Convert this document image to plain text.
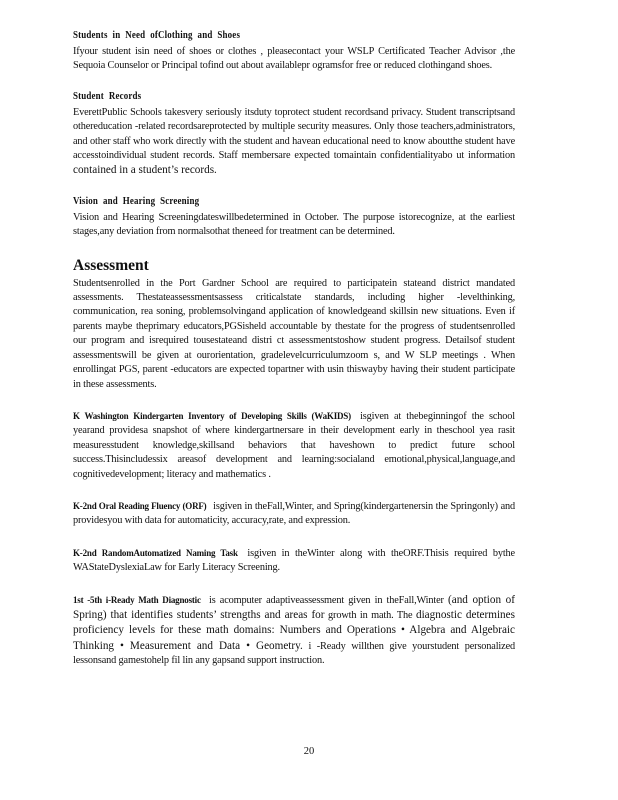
Students in Need ofClothing and Shoes

Ifyour student isin need of shoes or clothes , pleasecontact your WSLP Certificated Teacher Advisor ,the Sequoia Counselor or Principal tofind out about availablepr ogramsfor free or reduced clothingand shoes.

Student Records

EverettPublic Schools takesvery seriously itsduty toprotect student recordsand privacy. Student transcriptsand othereducation -related recordsareprotected by multiple security measures. Only those teachers,administrators, and other staff who work directly with the student and havean educational need to know aboutthe student have accesstoindividual student records. Staff membersare expected tomaintain confidentialityabo ut information contained in a student’s records.

Vision and Hearing Screening

Vision and Hearing Screeningdateswillbedetermined in October. The purpose istorecognize, at the earliest stages,any deviation from normalsothat theneed for treatment can be determined.

Assessment

Studentsenrolled in the Port Gardner School are required to participatein stateand district mandated assessments. Thestateassessmentsassess criticalstate standards, including higher -levelthinking, communication, rea soning, problemsolvingand application of knowledgeand skillsin new situations. Even if parents maybe theprimary educators,PGSisheld accountable by thestate for the progress of studentsenrolled our program and isrequired tousestateand distri ct assessmentstoshow student progress. Detailsof student assessmentswill be given at ourorientation, gradelevelcurriculumzoom s, and W SLP meetings . When enrollingat PGS, parent -educators are expected topartner with usin thiswayby having their student participate in these assessments.

K Washington Kindergarten Inventory of Developing Skills (WaKIDS) isgiven at thebeginningof the school yearand providesa snapshot of where kindergartnersare in their development early in theschool yea rasit measuresstudent knowledge,skillsand behaviors that haveshown to predict future school success.Thisincludessix areasof development and learning:socialand emotional,physical,language,and cognitivedevelopment; literacy and mathematics .

K-2nd Oral Reading Fluency (ORF) isgiven in theFall,Winter, and Spring(kindergartenersin the Springonly) and providesyou with data for automaticity, accuracy,rate, and expression.

K-2nd RandomAutomatized Naming Task isgiven in theWinter along with theORF.Thisis required bythe WAStateDyslexiaLaw for Early Literacy Screening.

1st -5th i-Ready Math Diagnostic is acomputer adaptiveassessment given in theFall,Winter (and option of Spring) that identifies students’ strengths and areas for growth in math. The diagnostic determines proficiency levels for these math domains: Numbers and Operations • Algebra and Algebraic Thinking • Measurement and Data • Geometry. i -Ready willthen give yourstudent personalized lessonsand gamestohelp fil lin any gapsand support instruction.

20
